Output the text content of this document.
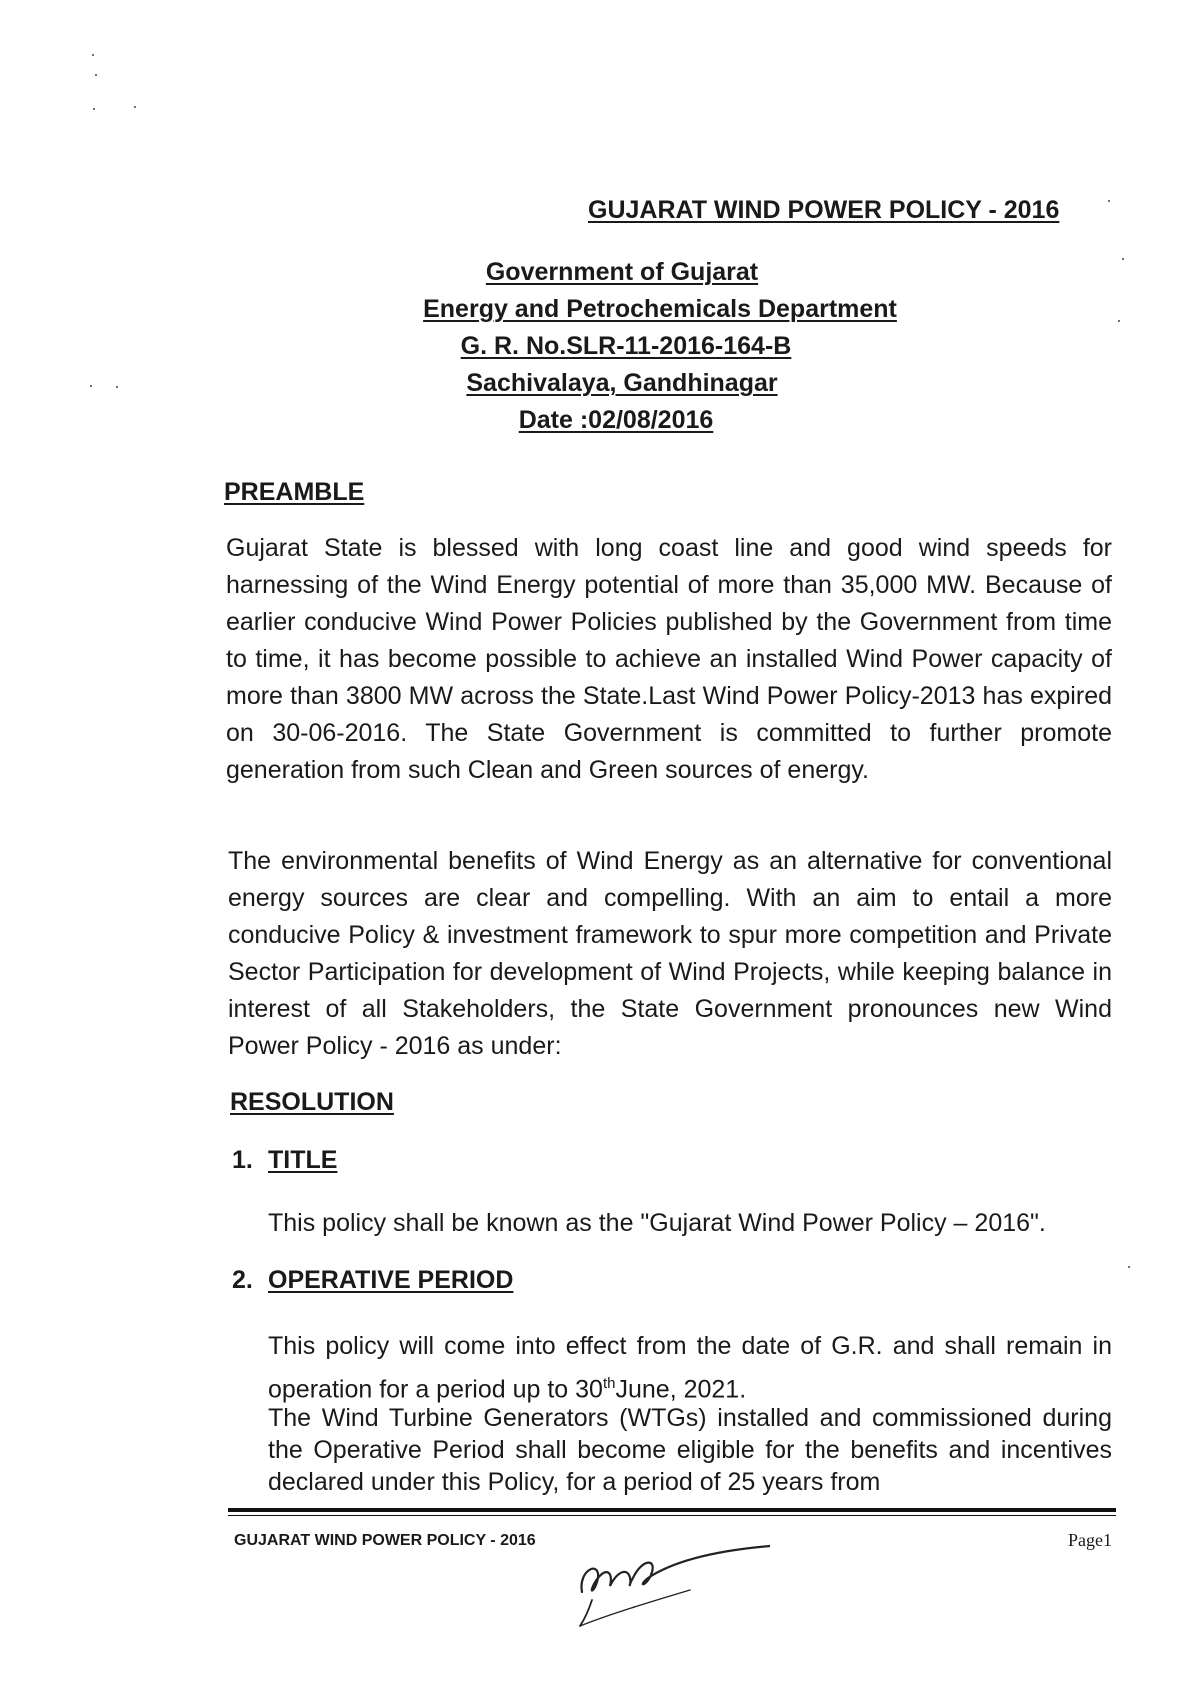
GUJARAT WIND POWER POLICY - 2016
Government of Gujarat
Energy and Petrochemicals Department
G. R. No.SLR-11-2016-164-B
Sachivalaya, Gandhinagar
Date :02/08/2016
PREAMBLE

Gujarat State is blessed with long coast line and good wind speeds for harnessing of the Wind Energy potential of more than 35,000 MW. Because of earlier conducive Wind Power Policies published by the Government from time to time, it has become possible to achieve an installed Wind Power capacity of more than 3800 MW across the State.Last Wind Power Policy-2013 has expired on 30-06-2016. The State Government is committed to further promote generation from such Clean and Green sources of energy.

The environmental benefits of Wind Energy as an alternative for conventional energy sources are clear and compelling. With an aim to entail a more conducive Policy & investment framework to spur more competition and Private Sector Participation for development of Wind Projects, while keeping balance in interest of all Stakeholders, the State Government pronounces new Wind Power Policy - 2016 as under:

RESOLUTION
1. TITLE

This policy shall be known as the "Gujarat Wind Power Policy – 2016".

2. OPERATIVE PERIOD

This policy will come into effect from the date of G.R. and shall remain in operation for a period up to 30thJune, 2021.

The Wind Turbine Generators (WTGs) installed and commissioned during the Operative Period shall become eligible for the benefits and incentives declared under this Policy, for a period of 25 years from

GUJARAT WIND POWER POLICY - 2016	Page1
